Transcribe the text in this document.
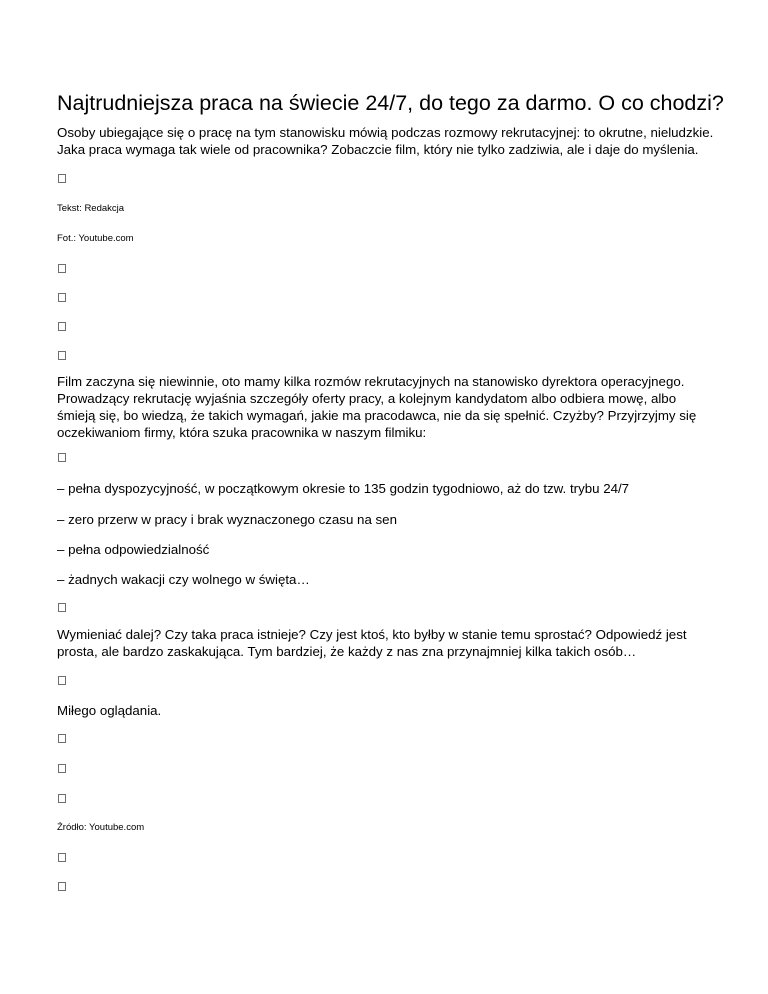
Najtrudniejsza praca na świecie 24/7, do tego za darmo. O co chodzi?

Osoby ubiegające się o pracę na tym stanowisku mówią podczas rozmowy rekrutacyjnej: to okrutne, nieludzkie. Jaka praca wymaga tak wiele od pracownika? Zobaczcie film, który nie tylko zadziwia, ale i daje do myślenia.

Tekst: Redakcja

Fot.: Youtube.com

Film zaczyna się niewinnie, oto mamy kilka rozmów rekrutacyjnych na stanowisko dyrektora operacyjnego. Prowadzący rekrutację wyjaśnia szczegóły oferty pracy, a kolejnym kandydatom albo odbiera mowę, albo śmieją się, bo wiedzą, że takich wymagań, jakie ma pracodawca, nie da się spełnić. Czyżby? Przyjrzyjmy się oczekiwaniom firmy, która szuka pracownika w naszym filmiku:

– pełna dyspozycyjność, w początkowym okresie to 135 godzin tygodniowo, aż do tzw. trybu 24/7

– zero przerw w pracy i brak wyznaczonego czasu na sen

– pełna odpowiedzialność

– żadnych wakacji czy wolnego w święta…

Wymieniać dalej? Czy taka praca istnieje? Czy jest ktoś, kto byłby w stanie temu sprostać? Odpowiedź jest prosta, ale bardzo zaskakująca. Tym bardziej, że każdy z nas zna przynajmniej kilka takich osób…

Miłego oglądania.

Źródło: Youtube.com
